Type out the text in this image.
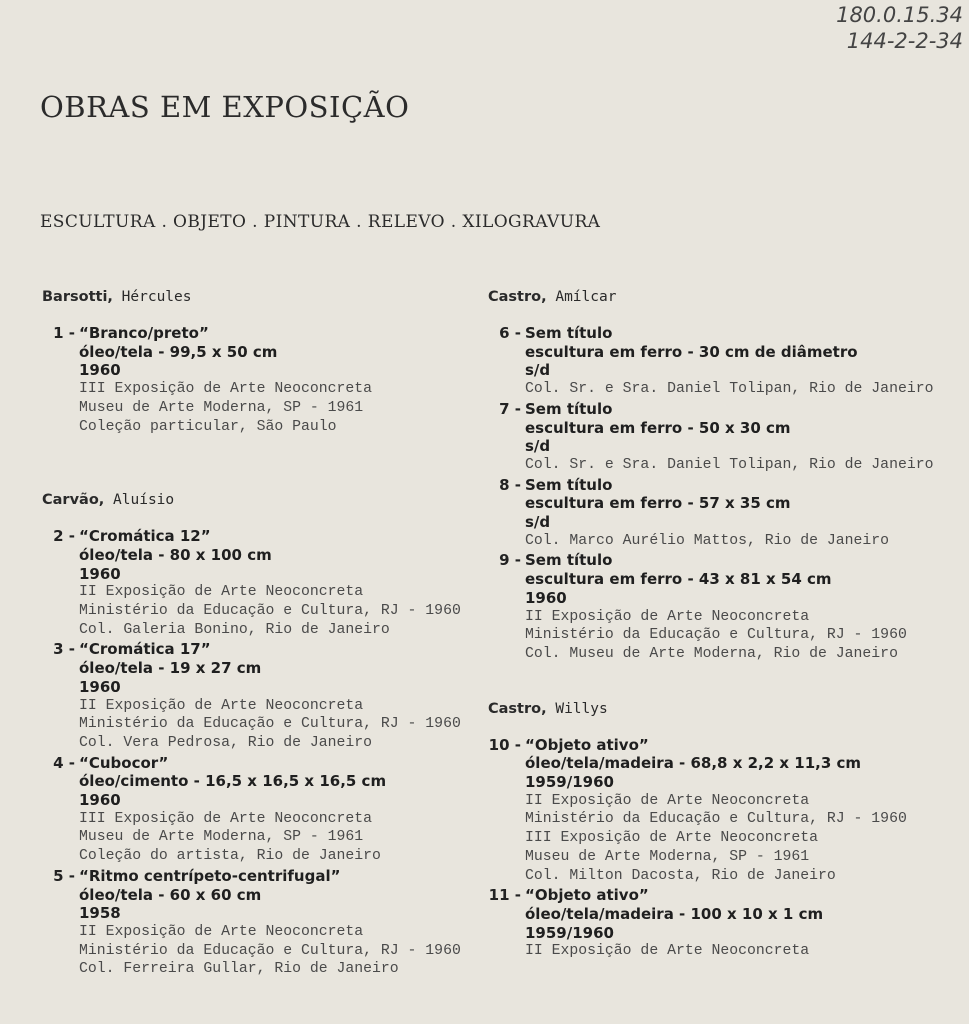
180.0.15.34
144-2-2-34
OBRAS EM EXPOSIÇÃO
ESCULTURA . OBJETO . PINTURA . RELEVO . XILOGRAVURA
Barsotti, Hércules
1 - “Branco/preto”
óleo/tela - 99,5 x 50 cm
1960
III Exposição de Arte Neoconcreta
Museu de Arte Moderna, SP - 1961
Coleção particular, São Paulo
Carvão, Aluísio
2 - “Cromática 12”
óleo/tela - 80 x 100 cm
1960
II Exposição de Arte Neoconcreta
Ministério da Educação e Cultura, RJ - 1960
Col. Galeria Bonino, Rio de Janeiro
3 - “Cromática 17”
óleo/tela - 19 x 27 cm
1960
II Exposição de Arte Neoconcreta
Ministério da Educação e Cultura, RJ - 1960
Col. Vera Pedrosa, Rio de Janeiro
4 - “Cubocor”
óleo/cimento - 16,5 x 16,5 x 16,5 cm
1960
III Exposição de Arte Neoconcreta
Museu de Arte Moderna, SP - 1961
Coleção do artista, Rio de Janeiro
5 - “Ritmo centrípeto-centrifugal”
óleo/tela - 60 x 60 cm
1958
II Exposição de Arte Neoconcreta
Ministério da Educação e Cultura, RJ - 1960
Col. Ferreira Gullar, Rio de Janeiro
Castro, Amílcar
6 - Sem título
escultura em ferro - 30 cm de diâmetro
s/d
Col. Sr. e Sra. Daniel Tolipan, Rio de Janeiro
7 - Sem título
escultura em ferro - 50 x 30 cm
s/d
Col. Sr. e Sra. Daniel Tolipan, Rio de Janeiro
8 - Sem título
escultura em ferro - 57 x 35 cm
s/d
Col. Marco Aurélio Mattos, Rio de Janeiro
9 - Sem título
escultura em ferro - 43 x 81 x 54 cm
1960
II Exposição de Arte Neoconcreta
Ministério da Educação e Cultura, RJ - 1960
Col. Museu de Arte Moderna, Rio de Janeiro
Castro, Willys
10 - “Objeto ativo”
óleo/tela/madeira - 68,8 x 2,2 x 11,3 cm
1959/1960
II Exposição de Arte Neoconcreta
Ministério da Educação e Cultura, RJ - 1960
III Exposição de Arte Neoconcreta
Museu de Arte Moderna, SP - 1961
Col. Milton Dacosta, Rio de Janeiro
11 - “Objeto ativo”
óleo/tela/madeira - 100 x 10 x 1 cm
1959/1960
II Exposição de Arte Neoconcreta
